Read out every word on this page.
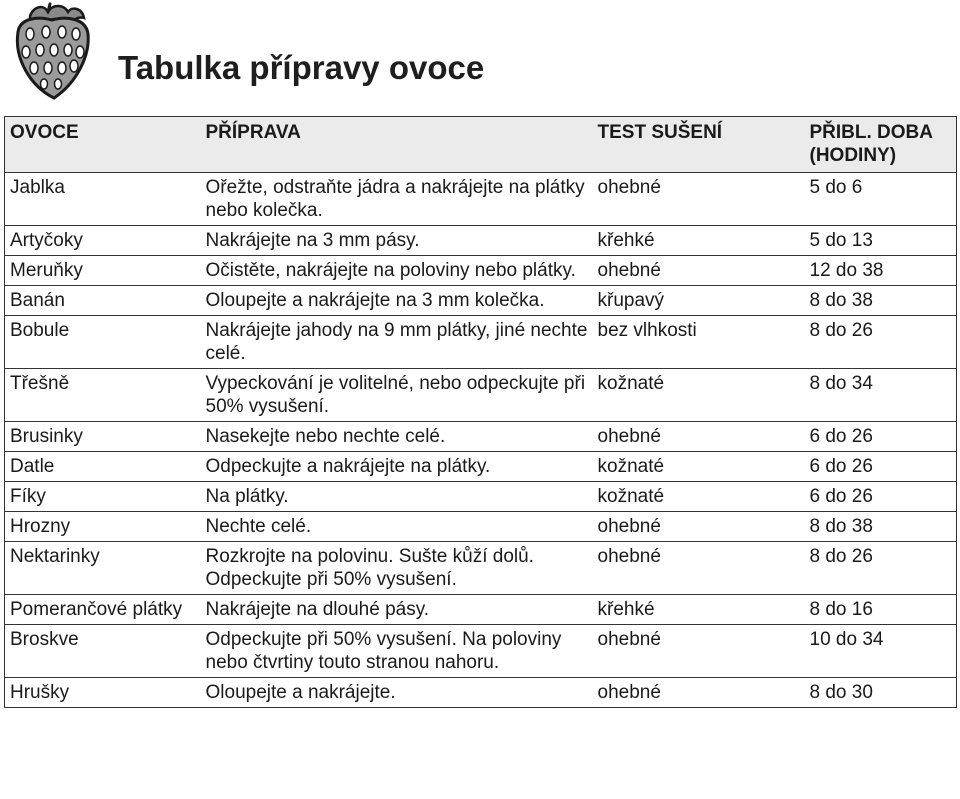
Tabulka přípravy ovoce
OVOCE	PŘÍPRAVA	TEST SUŠENÍ	PŘIBL. DOBA (HODINY)
Jablka	Ořežte, odstraňte jádra a nakrájejte na plátky nebo kolečka.	ohebné	5 do 6
Artyčoky	Nakrájejte na 3 mm pásy.	křehké	5 do 13
Meruňky	Očistěte, nakrájejte na poloviny nebo plátky.	ohebné	12 do 38
Banán	Oloupejte a nakrájejte na 3 mm kolečka.	křupavý	8 do 38
Bobule	Nakrájejte jahody na 9 mm plátky, jiné nechte celé.	bez vlhkosti	8 do 26
Třešně	Vypeckování je volitelné, nebo odpeckujte při 50% vysušení.	kožnaté	8 do 34
Brusinky	Nasekejte nebo nechte celé.	ohebné	6 do 26
Datle	Odpeckujte a nakrájejte na plátky.	kožnaté	6 do 26
Fíky	Na plátky.	kožnaté	6 do 26
Hrozny	Nechte celé.	ohebné	8 do 38
Nektarinky	Rozkrojte na polovinu. Sušte kůží dolů. Odpeckujte při 50% vysušení.	ohebné	8 do 26
Pomerančové plátky	Nakrájejte na dlouhé pásy.	křehké	8 do 16
Broskve	Odpeckujte při 50% vysušení. Na poloviny nebo čtvrtiny touto stranou nahoru.	ohebné	10 do 34
Hrušky	Oloupejte a nakrájejte.	ohebné	8 do 30
